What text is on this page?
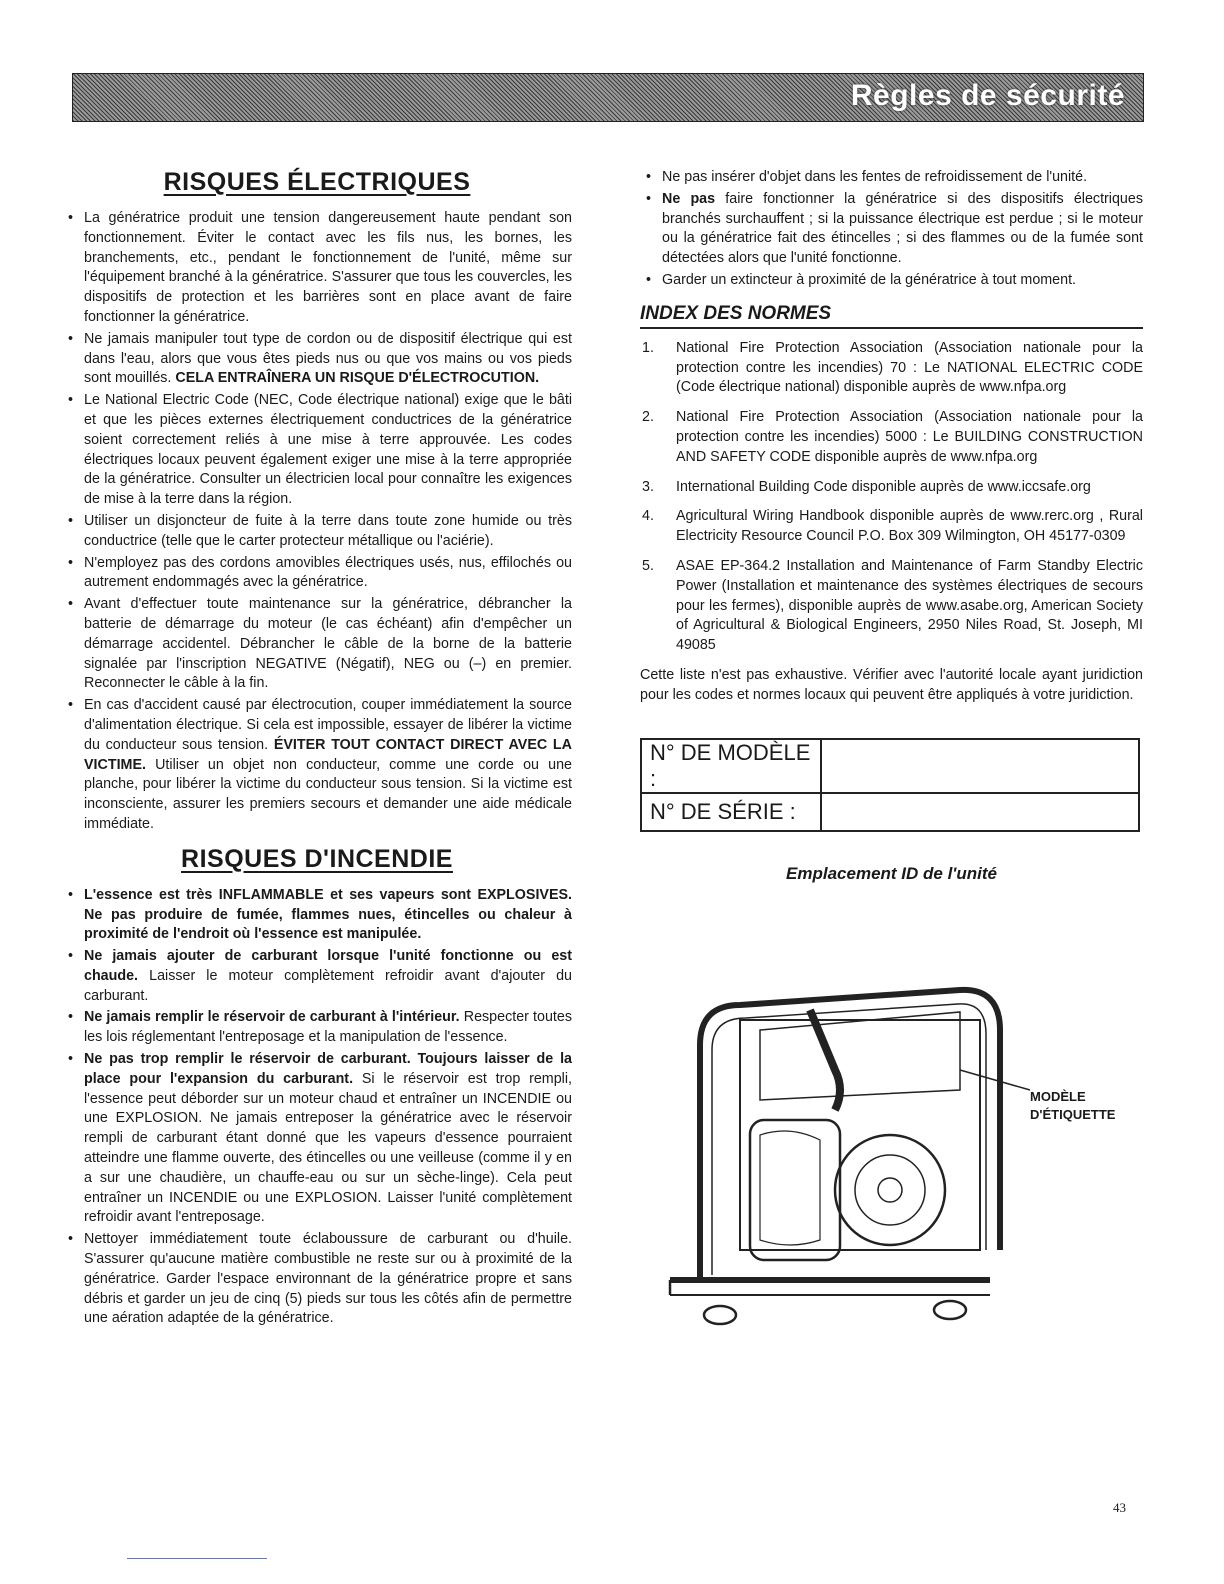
Règles de sécurité
RISQUES ÉLECTRIQUES
• La génératrice produit une tension dangereusement haute pendant son fonctionnement. Éviter le contact avec les fils nus, les bornes, les branchements, etc., pendant le fonctionnement de l'unité, même sur l'équipement branché à la génératrice. S'assurer que tous les couvercles, les dispositifs de protection et les barrières sont en place avant de faire fonctionner la génératrice.
• Ne jamais manipuler tout type de cordon ou de dispositif électrique qui est dans l'eau, alors que vous êtes pieds nus ou que vos mains ou vos pieds sont mouillés. CELA ENTRAÎNERA UN RISQUE D'ÉLECTROCUTION.
• Le National Electric Code (NEC, Code électrique national) exige que le bâti et que les pièces externes électriquement conductrices de la génératrice soient correctement reliés à une mise à terre approuvée. Les codes électriques locaux peuvent également exiger une mise à la terre appropriée de la génératrice. Consulter un électricien local pour connaître les exigences de mise à la terre dans la région.
• Utiliser un disjoncteur de fuite à la terre dans toute zone humide ou très conductrice (telle que le carter protecteur métallique ou l'aciérie).
• N'employez pas des cordons amovibles électriques usés, nus, effilochés ou autrement endommagés avec la génératrice.
• Avant d'effectuer toute maintenance sur la génératrice, débrancher la batterie de démarrage du moteur (le cas échéant) afin d'empêcher un démarrage accidentel. Débrancher le câble de la borne de la batterie signalée par l'inscription NEGATIVE (Négatif), NEG ou (–) en premier. Reconnecter le câble à la fin.
• En cas d'accident causé par électrocution, couper immédiatement la source d'alimentation électrique. Si cela est impossible, essayer de libérer la victime du conducteur sous tension. ÉVITER TOUT CONTACT DIRECT AVEC LA VICTIME. Utiliser un objet non conducteur, comme une corde ou une planche, pour libérer la victime du conducteur sous tension. Si la victime est inconsciente, assurer les premiers secours et demander une aide médicale immédiate.
RISQUES D'INCENDIE
• L'essence est très INFLAMMABLE et ses vapeurs sont EXPLOSIVES. Ne pas produire de fumée, flammes nues, étincelles ou chaleur à proximité de l'endroit où l'essence est manipulée.
• Ne jamais ajouter de carburant lorsque l'unité fonctionne ou est chaude. Laisser le moteur complètement refroidir avant d'ajouter du carburant.
• Ne jamais remplir le réservoir de carburant à l'intérieur. Respecter toutes les lois réglementant l'entreposage et la manipulation de l'essence.
• Ne pas trop remplir le réservoir de carburant. Toujours laisser de la place pour l'expansion du carburant. Si le réservoir est trop rempli, l'essence peut déborder sur un moteur chaud et entraîner un INCENDIE ou une EXPLOSION. Ne jamais entreposer la génératrice avec le réservoir rempli de carburant étant donné que les vapeurs d'essence pourraient atteindre une flamme ouverte, des étincelles ou une veilleuse (comme il y en a sur une chaudière, un chauffe-eau ou sur un sèche-linge). Cela peut entraîner un INCENDIE ou une EXPLOSION. Laisser l'unité complètement refroidir avant l'entreposage.
• Nettoyer immédiatement toute éclaboussure de carburant ou d'huile. S'assurer qu'aucune matière combustible ne reste sur ou à proximité de la génératrice. Garder l'espace environnant de la génératrice propre et sans débris et garder un jeu de cinq (5) pieds sur tous les côtés afin de permettre une aération adaptée de la génératrice.
• Ne pas insérer d'objet dans les fentes de refroidissement de l'unité.
• Ne pas faire fonctionner la génératrice si des dispositifs électriques branchés surchauffent ; si la puissance électrique est perdue ; si le moteur ou la génératrice fait des étincelles ; si des flammes ou de la fumée sont détectées alors que l'unité fonctionne.
• Garder un extincteur à proximité de la génératrice à tout moment.
INDEX DES NORMES
1. National Fire Protection Association (Association nationale pour la protection contre les incendies) 70 : Le NATIONAL ELECTRIC CODE (Code électrique national) disponible auprès de www.nfpa.org
2. National Fire Protection Association (Association nationale pour la protection contre les incendies) 5000 : Le BUILDING CONSTRUCTION AND SAFETY CODE disponible auprès de www.nfpa.org
3. International Building Code disponible auprès de www.iccsafe.org
4. Agricultural Wiring Handbook disponible auprès de www.rerc.org , Rural Electricity Resource Council P.O. Box 309 Wilmington, OH 45177-0309
5. ASAE EP-364.2 Installation and Maintenance of Farm Standby Electric Power (Installation et maintenance des systèmes électriques de secours pour les fermes), disponible auprès de www.asabe.org, American Society of Agricultural & Biological Engineers, 2950 Niles Road, St. Joseph, MI 49085
Cette liste n'est pas exhaustive. Vérifier avec l'autorité locale ayant juridiction pour les codes et normes locaux qui peuvent être appliqués à votre juridiction.
N° DE MODÈLE :	
N° DE SÉRIE :	
Emplacement ID de l'unité
MODÈLE
D'ÉTIQUETTE
43
